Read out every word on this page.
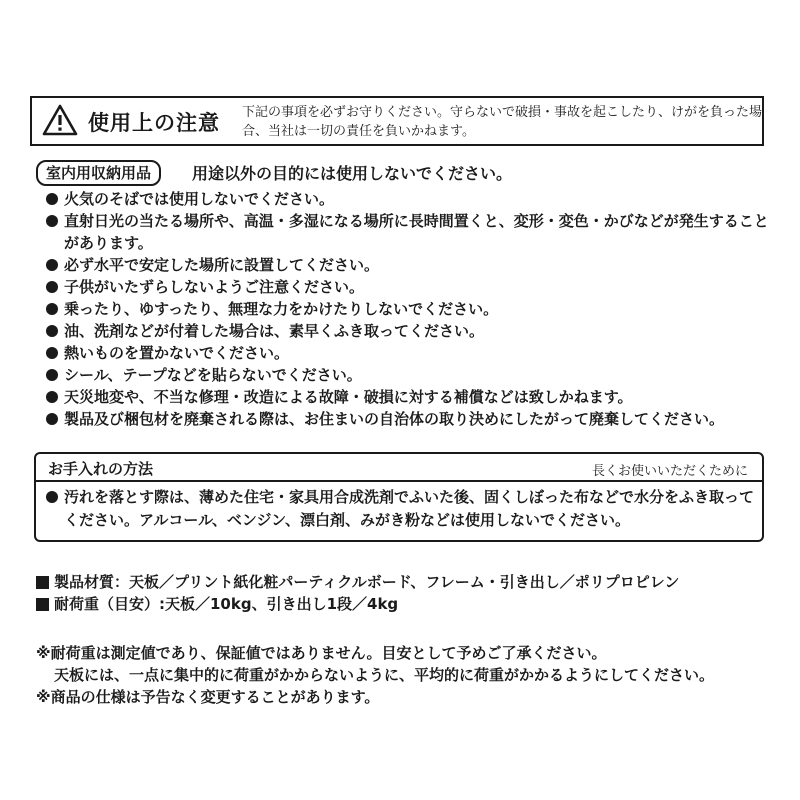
使用上の注意 下記の事項を必ずお守りください。守らないで破損・事故を起こしたり、けがを負った場合、当社は一切の責任を負いかねます。
室内用収納用品	用途以外の目的には使用しないでください。
火気のそばでは使用しないでください。
直射日光の当たる場所や、高温・多湿になる場所に長時間置くと、変形・変色・かびなどが発生することがあります。
必ず水平で安定した場所に設置してください。
子供がいたずらしないようご注意ください。
乗ったり、ゆすったり、無理な力をかけたりしないでください。
油、洗剤などが付着した場合は、素早くふき取ってください。
熱いものを置かないでください。
シール、テープなどを貼らないでください。
天災地変や、不当な修理・改造による故障・破損に対する補償などは致しかねます。
製品及び梱包材を廃棄される際は、お住まいの自治体の取り決めにしたがって廃棄してください。
お手入れの方法	長くお使いいただくために
汚れを落とす際は、薄めた住宅・家具用合成洗剤でふいた後、固くしぼった布などで水分をふき取ってください。アルコール、ベンジン、漂白剤、みがき粉などは使用しないでください。
製品材質：天板／プリント紙化粧パーティクルボード、フレーム・引き出し／ポリプロピレン
耐荷重（目安）:天板／10kg、引き出し1段／4kg
※耐荷重は測定値であり、保証値ではありません。目安として予めご了承ください。
天板には、一点に集中的に荷重がかからないように、平均的に荷重がかかるようにしてください。
※商品の仕様は予告なく変更することがあります。
